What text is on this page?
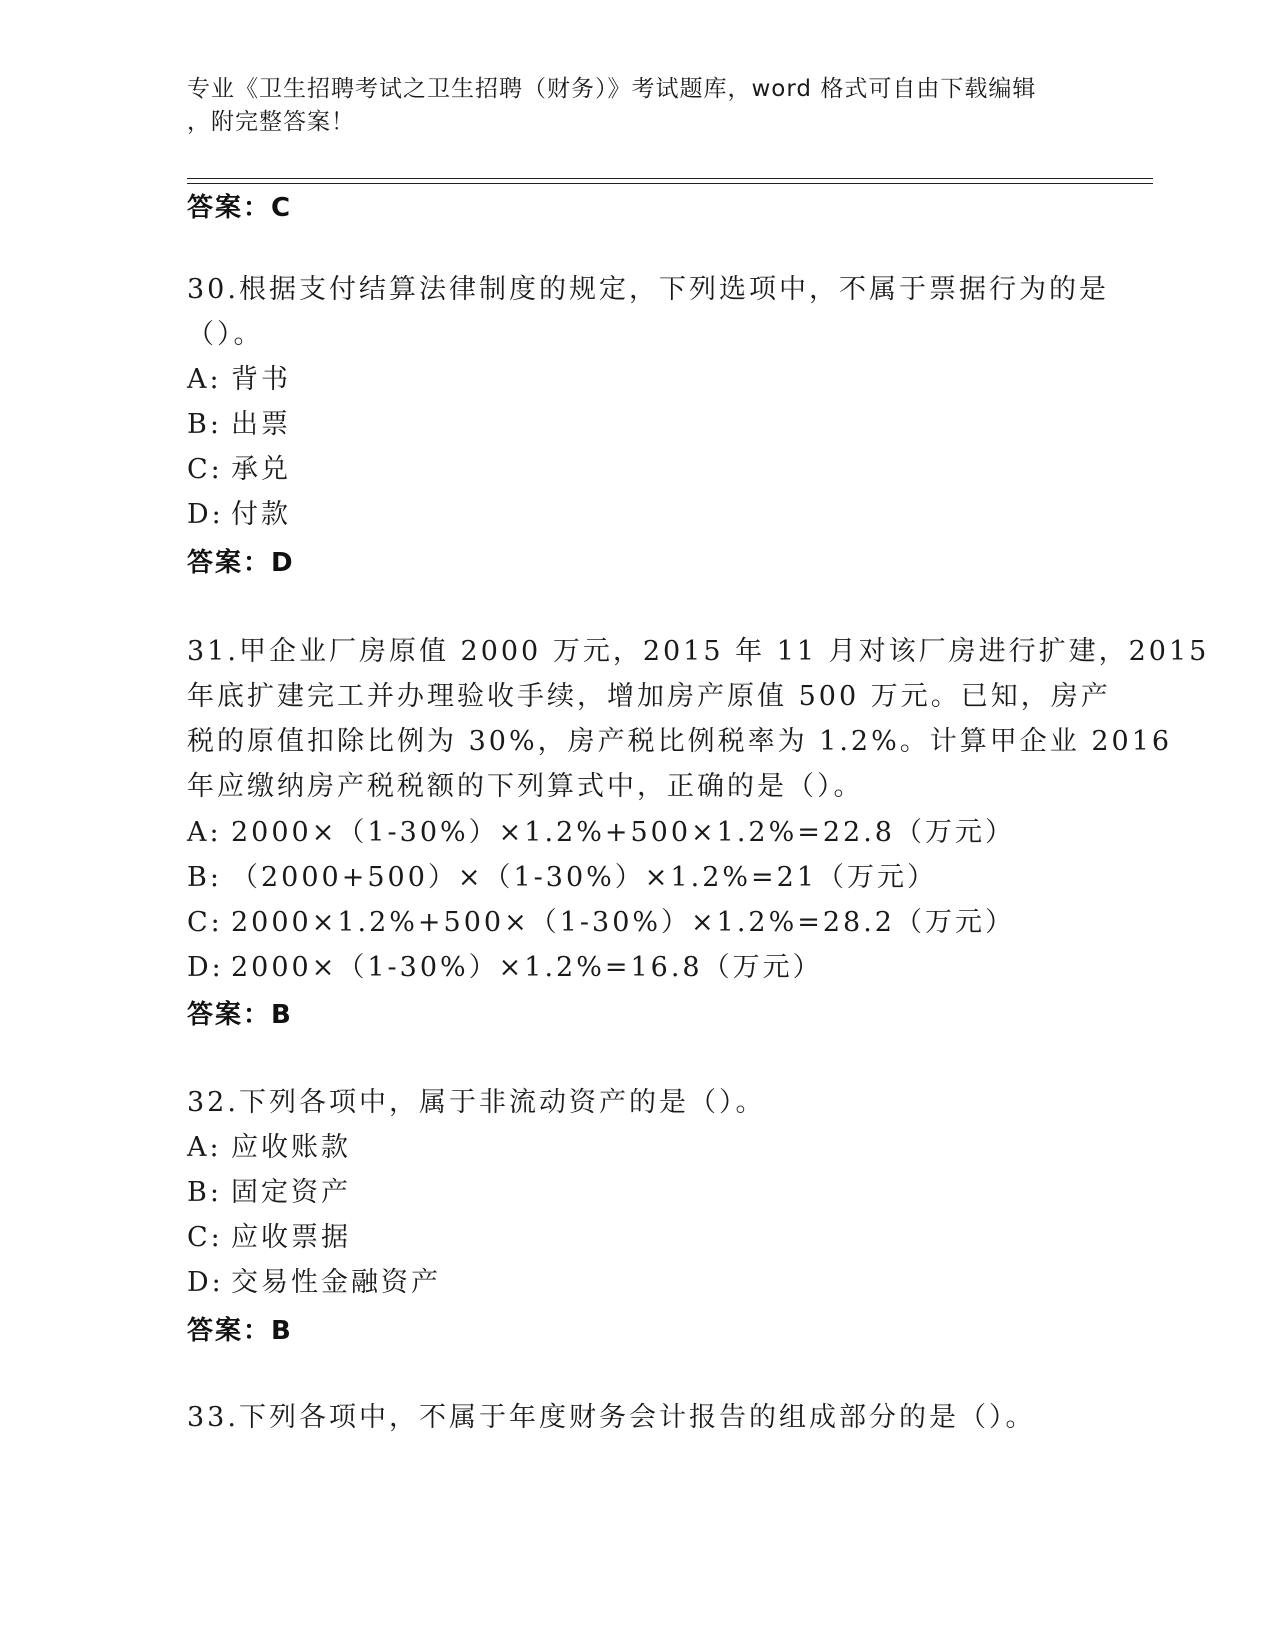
专业《卫生招聘考试之卫生招聘（财务）》考试题库，word 格式可自由下载编辑
，附完整答案！
答案：C
30.根据支付结算法律制度的规定，下列选项中，不属于票据行为的是
（）。
A: 背书
B: 出票
C: 承兑
D: 付款
答案：D
31.甲企业厂房原值 2000 万元，2015 年 11 月对该厂房进行扩建，2015
年底扩建完工并办理验收手续，增加房产原值 500 万元。已知，房产
税的原值扣除比例为 30%，房产税比例税率为 1.2%。计算甲企业 2016
年应缴纳房产税税额的下列算式中，正确的是（）。
A: 2000×（1-30%）×1.2%+500×1.2%=22.8（万元）
B: （2000+500）×（1-30%）×1.2%=21（万元）
C: 2000×1.2%+500×（1-30%）×1.2%=28.2（万元）
D: 2000×（1-30%）×1.2%=16.8（万元）
答案：B
32.下列各项中，属于非流动资产的是（）。
A: 应收账款
B: 固定资产
C: 应收票据
D: 交易性金融资产
答案：B
33.下列各项中，不属于年度财务会计报告的组成部分的是（）。
